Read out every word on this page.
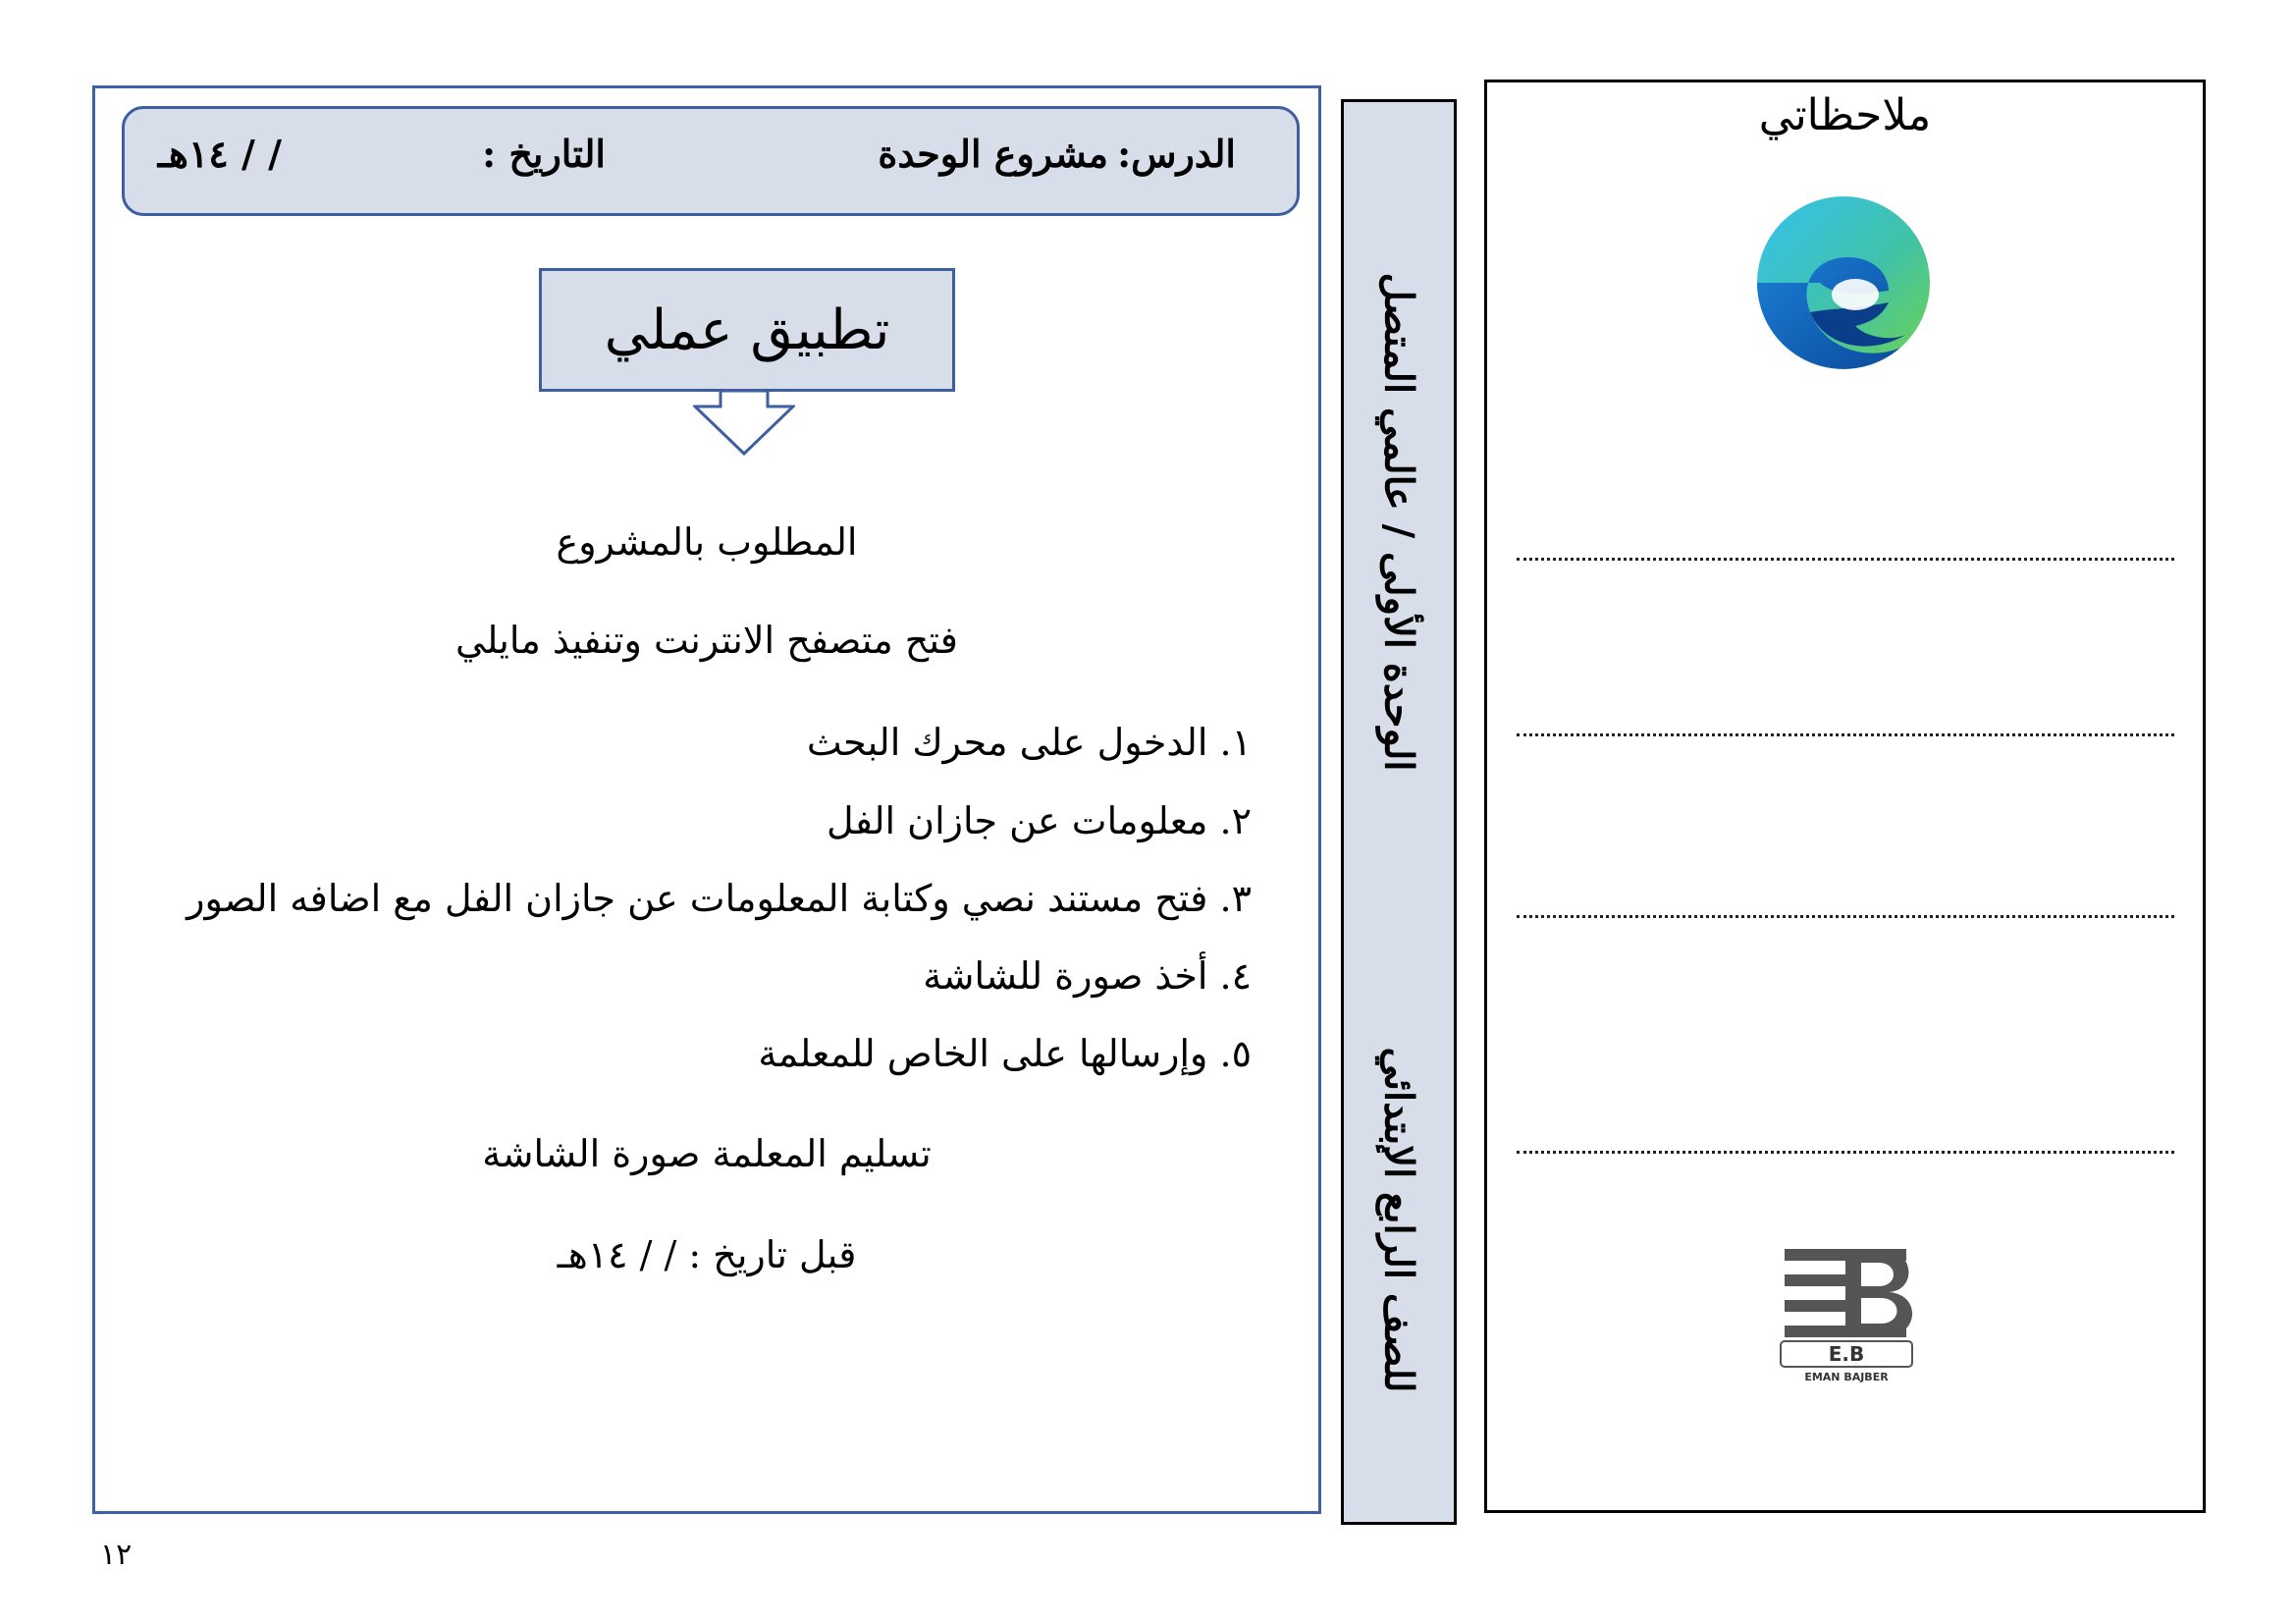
الدرس:
مشروع الوحدة
التاريخ :
/ / ١٤هـ
تطبيق عملي
المطلوب بالمشروع
فتح متصفح الانترنت وتنفيذ مايلي
١. الدخول على محرك البحث
٢. معلومات عن جازان الفل
٣. فتح مستند نصي وكتابة المعلومات عن جازان الفل مع اضافه الصور
٤. أخذ صورة للشاشة
٥. وإرسالها على الخاص للمعلمة
تسليم المعلمة صورة الشاشة
قبل تاريخ : / / ١٤هـ
١٢
الوحدة الأولى / عالمي المتصل
للصف الرابع الإبتدائي
ملاحظاتي
E.B
EMAN BAJBER
